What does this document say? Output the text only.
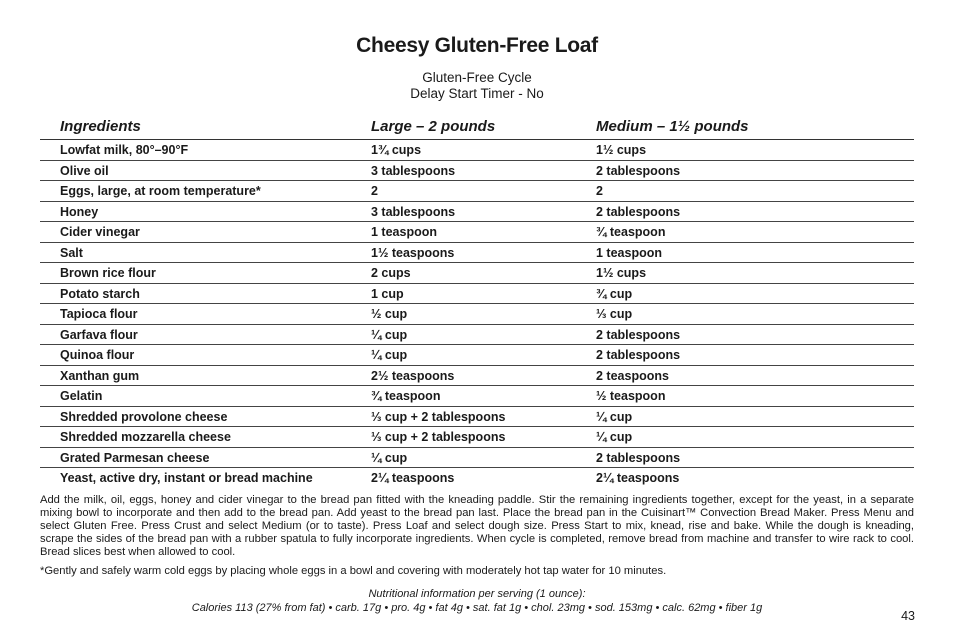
Cheesy Gluten-Free Loaf
Gluten-Free Cycle
Delay Start Timer - No
Ingredients	Large – 2 pounds	Medium – 1½ pounds
Lowfat milk, 80°–90°F	1¾ cups	1½ cups
Olive oil	3 tablespoons	2 tablespoons
Eggs, large, at room temperature*	2	2
Honey	3 tablespoons	2 tablespoons
Cider vinegar	1 teaspoon	¾ teaspoon
Salt	1½ teaspoons	1 teaspoon
Brown rice flour	2 cups	1½ cups
Potato starch	1 cup	¾ cup
Tapioca flour	½ cup	⅓ cup
Garfava flour	¼ cup	2 tablespoons
Quinoa flour	¼ cup	2 tablespoons
Xanthan gum	2½ teaspoons	2 teaspoons
Gelatin	¾ teaspoon	½ teaspoon
Shredded provolone cheese	⅓ cup + 2 tablespoons	¼ cup
Shredded mozzarella cheese	⅓ cup + 2 tablespoons	¼ cup
Grated Parmesan cheese	¼ cup	2 tablespoons
Yeast, active dry, instant or bread machine	2¼ teaspoons	2¼ teaspoons

Add the milk, oil, eggs, honey and cider vinegar to the bread pan fitted with the kneading paddle. Stir the remaining ingredients together, except for the yeast, in a separate mixing bowl to incorporate and then add to the bread pan. Add yeast to the bread pan last. Place the bread pan in the Cuisinart™ Convection Bread Maker. Press Menu and select Gluten Free. Press Crust and select Medium (or to taste). Press Loaf and select dough size. Press Start to mix, knead, rise and bake. While the dough is kneading, scrape the sides of the bread pan with a rubber spatula to fully incorporate ingredients. When cycle is completed, remove bread from machine and transfer to wire rack to cool. Bread slices best when allowed to cool.

*Gently and safely warm cold eggs by placing whole eggs in a bowl and covering with moderately hot tap water for 10 minutes.
Nutritional information per serving (1 ounce):
Calories 113 (27% from fat) • carb. 17g • pro. 4g • fat 4g • sat. fat 1g • chol. 23mg • sod. 153mg • calc. 62mg • fiber 1g
43
